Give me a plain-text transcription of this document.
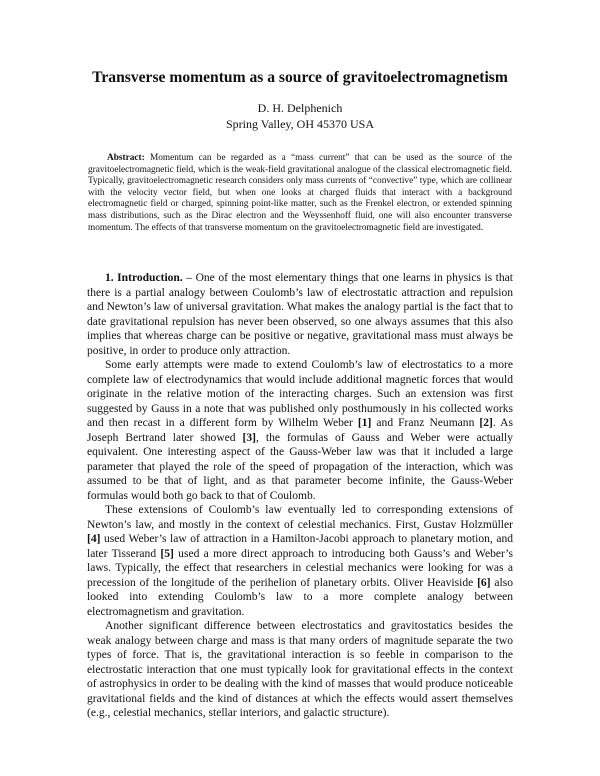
Transverse momentum as a source of gravitoelectromagnetism
D. H. Delphenich
Spring Valley, OH 45370 USA
Abstract: Momentum can be regarded as a “mass current” that can be used as the source of the gravitoelectromagnetic field, which is the weak-field gravitational analogue of the classical electromagnetic field. Typically, gravitoelectromagnetic research considers only mass currents of “convective” type, which are collinear with the velocity vector field, but when one looks at charged fluids that interact with a background electromagnetic field or charged, spinning point-like matter, such as the Frenkel electron, or extended spinning mass distributions, such as the Dirac electron and the Weyssenhoff fluid, one will also encounter transverse momentum. The effects of that transverse momentum on the gravitoelectromagnetic field are investigated.

1. Introduction. – One of the most elementary things that one learns in physics is that there is a partial analogy between Coulomb’s law of electrostatic attraction and repulsion and Newton’s law of universal gravitation. What makes the analogy partial is the fact that to date gravitational repulsion has never been observed, so one always assumes that this also implies that whereas charge can be positive or negative, gravitational mass must always be positive, in order to produce only attraction.

Some early attempts were made to extend Coulomb’s law of electrostatics to a more complete law of electrodynamics that would include additional magnetic forces that would originate in the relative motion of the interacting charges. Such an extension was first suggested by Gauss in a note that was published only posthumously in his collected works and then recast in a different form by Wilhelm Weber [1] and Franz Neumann [2]. As Joseph Bertrand later showed [3], the formulas of Gauss and Weber were actually equivalent. One interesting aspect of the Gauss-Weber law was that it included a large parameter that played the role of the speed of propagation of the interaction, which was assumed to be that of light, and as that parameter become infinite, the Gauss-Weber formulas would both go back to that of Coulomb.

These extensions of Coulomb’s law eventually led to corresponding extensions of Newton’s law, and mostly in the context of celestial mechanics. First, Gustav Holzmüller [4] used Weber’s law of attraction in a Hamilton-Jacobi approach to planetary motion, and later Tisserand [5] used a more direct approach to introducing both Gauss’s and Weber’s laws. Typically, the effect that researchers in celestial mechanics were looking for was a precession of the longitude of the perihelion of planetary orbits. Oliver Heaviside [6] also looked into extending Coulomb’s law to a more complete analogy between electromagnetism and gravitation.

Another significant difference between electrostatics and gravitostatics besides the weak analogy between charge and mass is that many orders of magnitude separate the two types of force. That is, the gravitational interaction is so feeble in comparison to the electrostatic interaction that one must typically look for gravitational effects in the context of astrophysics in order to be dealing with the kind of masses that would produce noticeable gravitational fields and the kind of distances at which the effects would assert themselves (e.g., celestial mechanics, stellar interiors, and galactic structure).
